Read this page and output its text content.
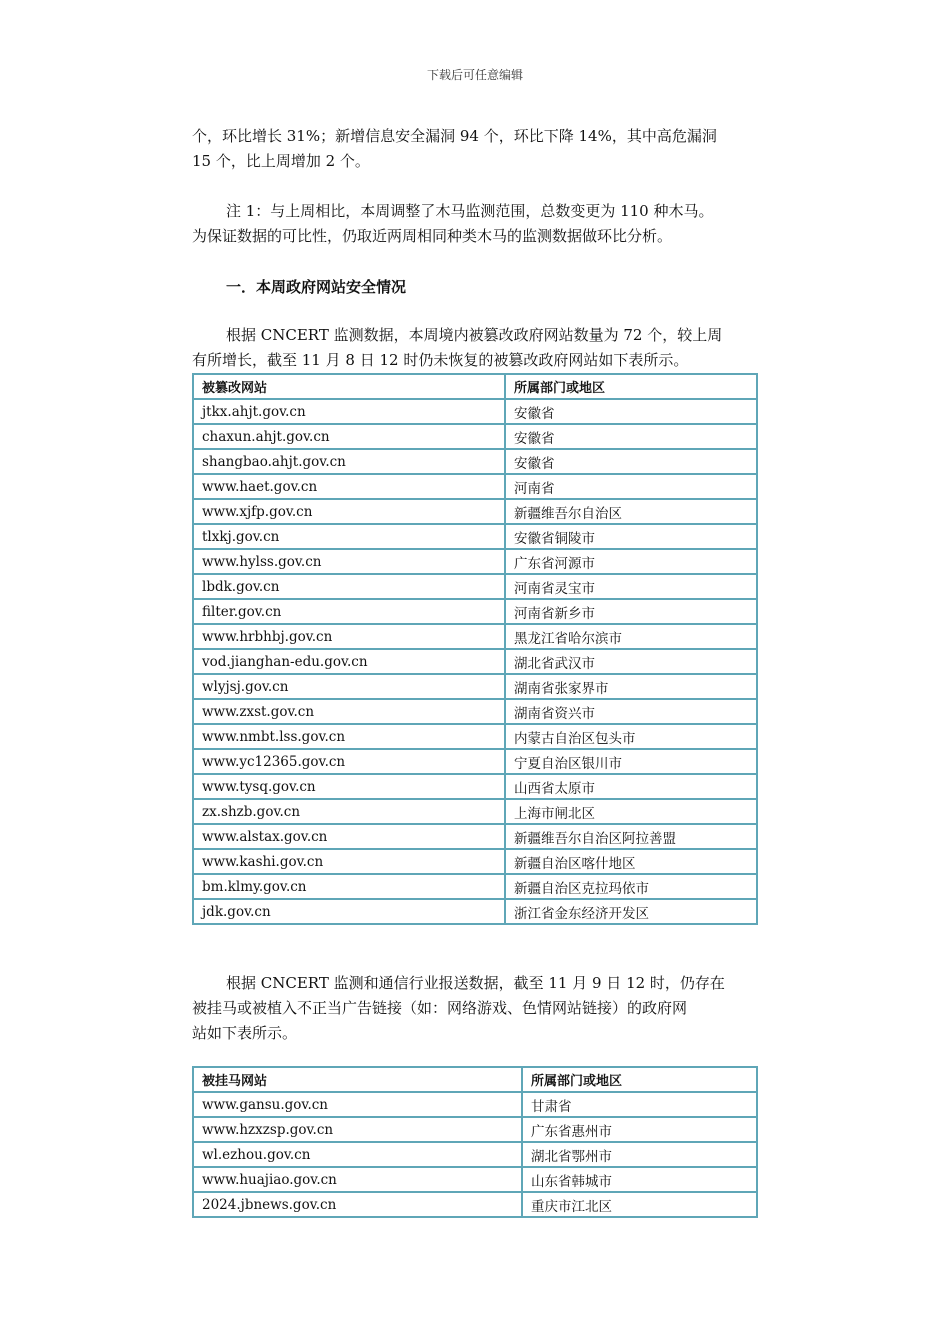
下载后可任意编辑
个，环比增长 31%；新增信息安全漏洞 94 个，环比下降 14%，其中高危漏洞
15 个，比上周增加 2 个。
注 1：与上周相比，本周调整了木马监测范围，总数变更为 110 种木马。
为保证数据的可比性，仍取近两周相同种类木马的监测数据做环比分析。
一．本周政府网站安全情况
根据 CNCERT 监测数据，本周境内被篡改政府网站数量为 72 个，较上周
有所增长，截至 11 月 8 日 12 时仍未恢复的被篡改政府网站如下表所示。
被篡改网站	所属部门或地区
jtkx.ahjt.gov.cn	安徽省
chaxun.ahjt.gov.cn	安徽省
shangbao.ahjt.gov.cn	安徽省
www.haet.gov.cn	河南省
www.xjfp.gov.cn	新疆维吾尔自治区
tlxkj.gov.cn	安徽省铜陵市
www.hylss.gov.cn	广东省河源市
lbdk.gov.cn	河南省灵宝市
filter.gov.cn	河南省新乡市
www.hrbhbj.gov.cn	黑龙江省哈尔滨市
vod.jianghan-edu.gov.cn	湖北省武汉市
wlyjsj.gov.cn	湖南省张家界市
www.zxst.gov.cn	湖南省资兴市
www.nmbt.lss.gov.cn	内蒙古自治区包头市
www.yc12365.gov.cn	宁夏自治区银川市
www.tysq.gov.cn	山西省太原市
zx.shzb.gov.cn	上海市闸北区
www.alstax.gov.cn	新疆维吾尔自治区阿拉善盟
www.kashi.gov.cn	新疆自治区喀什地区
bm.klmy.gov.cn	新疆自治区克拉玛依市
jdk.gov.cn	浙江省金东经济开发区
根据 CNCERT 监测和通信行业报送数据，截至 11 月 9 日 12 时，仍存在
被挂马或被植入不正当广告链接（如：网络游戏、色情网站链接）的政府网
站如下表所示。
被挂马网站	所属部门或地区
www.gansu.gov.cn	甘肃省
www.hzxzsp.gov.cn	广东省惠州市
wl.ezhou.gov.cn	湖北省鄂州市
www.huajiao.gov.cn	山东省韩城市
2024.jbnews.gov.cn	重庆市江北区
